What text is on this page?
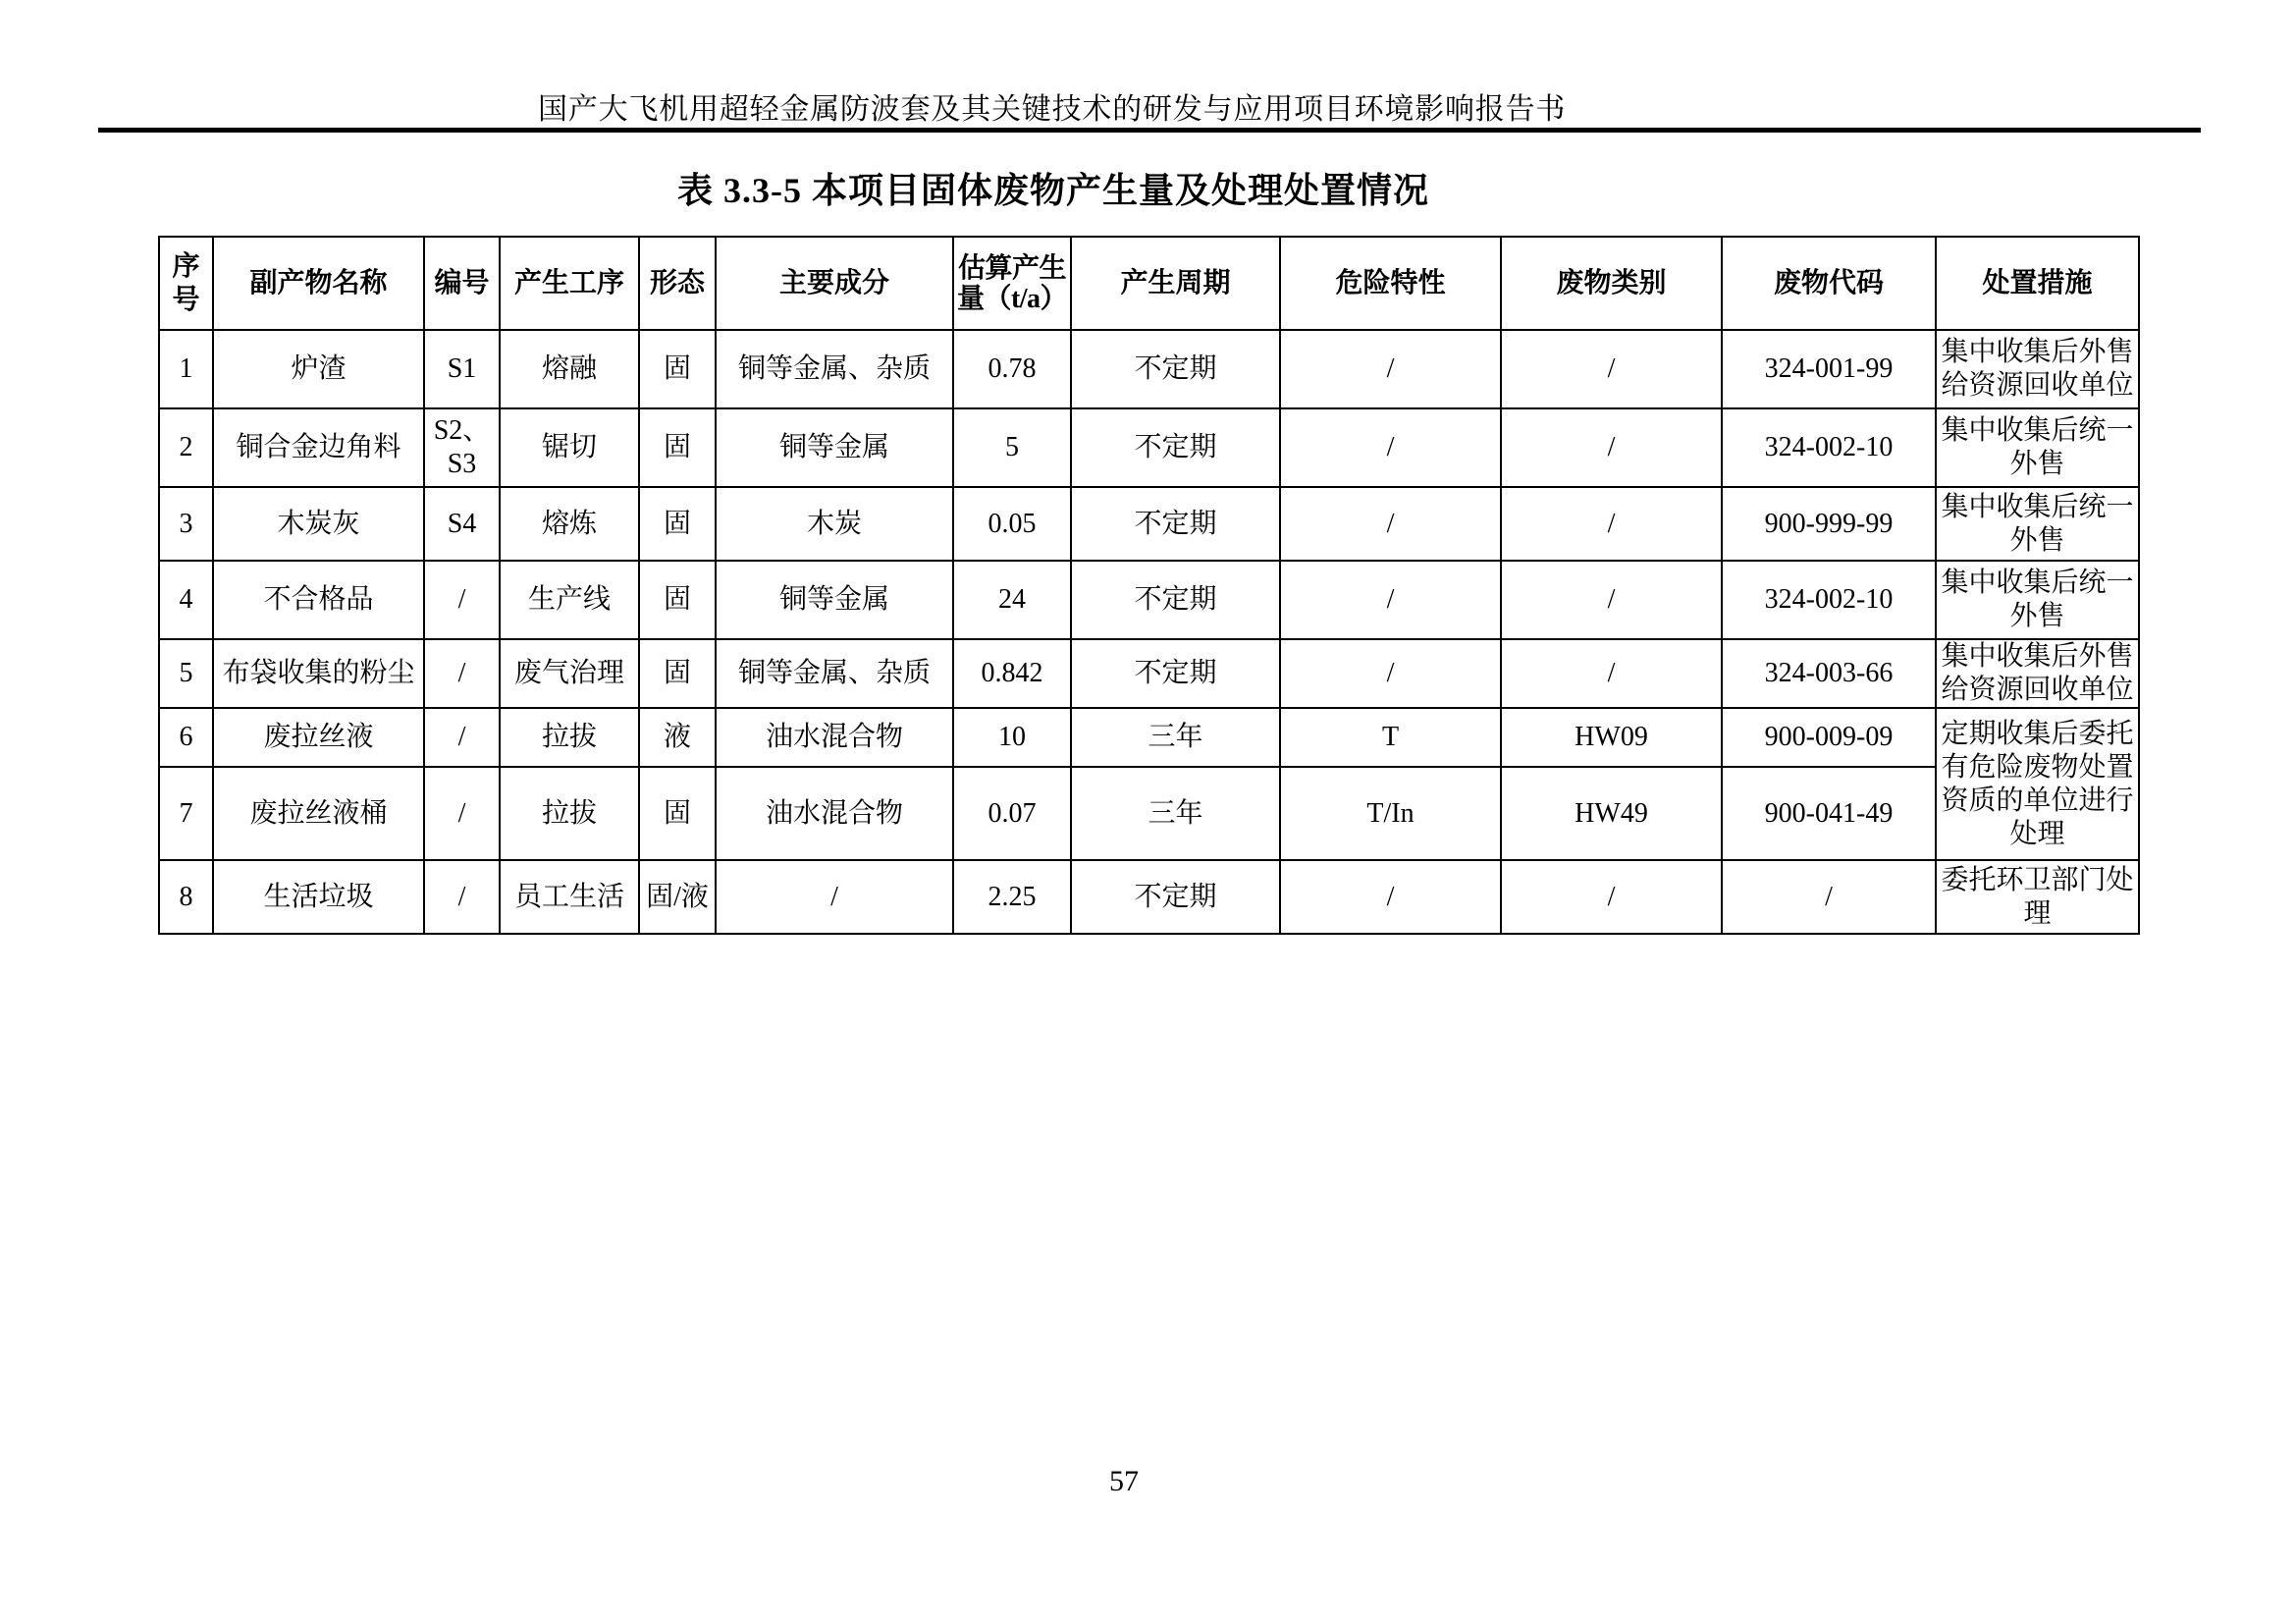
国产大飞机用超轻金属防波套及其关键技术的研发与应用项目环境影响报告书
表 3.3-5 本项目固体废物产生量及处理处置情况
序号	副产物名称	编号	产生工序	形态	主要成分	估算产生量（t/a）	产生周期	危险特性	废物类别	废物代码	处置措施
1	炉渣	S1	熔融	固	铜等金属、杂质	0.78	不定期	/	/	324-001-99	集中收集后外售给资源回收单位
2	铜合金边角料	S2、S3	锯切	固	铜等金属	5	不定期	/	/	324-002-10	集中收集后统一外售
3	木炭灰	S4	熔炼	固	木炭	0.05	不定期	/	/	900-999-99	集中收集后统一外售
4	不合格品	/	生产线	固	铜等金属	24	不定期	/	/	324-002-10	集中收集后统一外售
5	布袋收集的粉尘	/	废气治理	固	铜等金属、杂质	0.842	不定期	/	/	324-003-66	集中收集后外售给资源回收单位
6	废拉丝液	/	拉拔	液	油水混合物	10	三年	T	HW09	900-009-09	定期收集后委托有危险废物处置资质的单位进行处理
7	废拉丝液桶	/	拉拔	固	油水混合物	0.07	三年	T/In	HW49	900-041-49	
8	生活垃圾	/	员工生活	固/液	/	2.25	不定期	/	/	/	委托环卫部门处理
57
